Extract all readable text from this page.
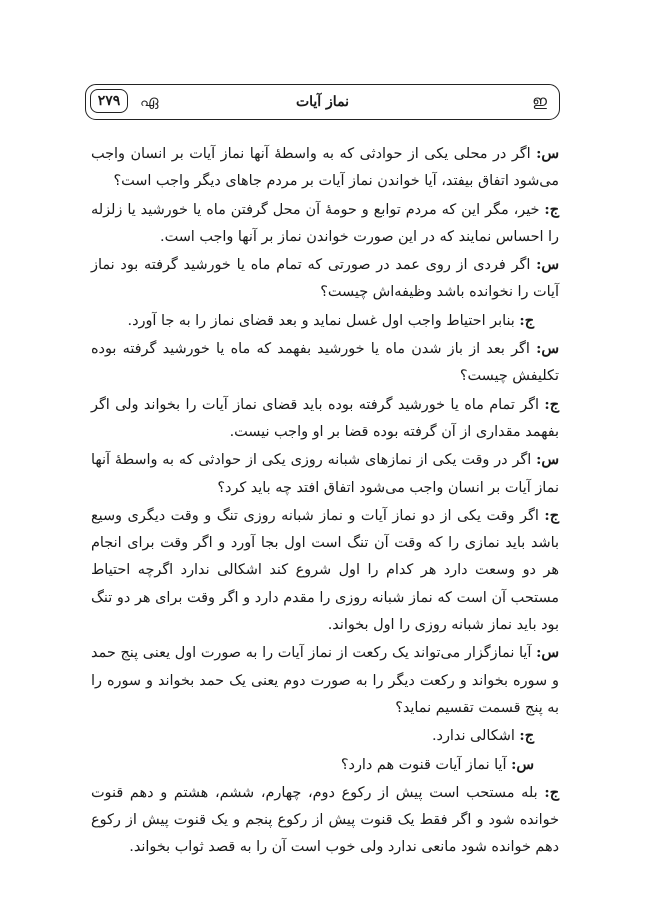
۲۷۹	ഏ	نماز آیات	ഇ

س: اگر در محلی یکی از حوادثی که به واسطهٔ آنها نماز آیات بر انسان واجب می‌شود اتفاق بیفتد، آیا خواندن نماز آیات بر مردم جاهای دیگر واجب است؟

ج: خیر، مگر این که مردم توابع و حومهٔ آن محل گرفتن ماه یا خورشید یا زلزله را احساس نمایند که در این صورت خواندن نماز بر آنها واجب است.

س: اگر فردی از روی عمد در صورتی که تمام ماه یا خورشید گرفته بود نماز آیات را نخوانده باشد وظیفه‌اش چیست؟

ج: بنابر احتیاط واجب اول غسل نماید و بعد قضای نماز را به جا آورد.

س: اگر بعد از باز شدن ماه یا خورشید بفهمد که ماه یا خورشید گرفته بوده تکلیفش چیست؟

ج: اگر تمام ماه یا خورشید گرفته بوده باید قضای نماز آیات را بخواند ولی اگر بفهمد مقداری از آن گرفته بوده قضا بر او واجب نیست.

س: اگر در وقت یکی از نمازهای شبانه روزی یکی از حوادثی که به واسطهٔ آنها نماز آیات بر انسان واجب می‌شود اتفاق افتد چه باید کرد؟

ج: اگر وقت یکی از دو نماز آیات و نماز شبانه روزی تنگ و وقت دیگری وسیع باشد باید نمازی را که وقت آن تنگ است اول بجا آورد و اگر وقت برای انجام هر دو وسعت دارد هر کدام را اول شروع کند اشکالی ندارد اگرچه احتیاط مستحب آن است که نماز شبانه روزی را مقدم دارد و اگر وقت برای هر دو تنگ بود باید نماز شبانه روزی را اول بخواند.

س: آیا نمازگزار می‌تواند یک رکعت از نماز آیات را به صورت اول یعنی پنج حمد و سوره بخواند و رکعت دیگر را به صورت دوم یعنی یک حمد بخواند و سوره را به پنج قسمت تقسیم نماید؟

ج: اشکالی ندارد.

س: آیا نماز آیات قنوت هم دارد؟

ج: بله مستحب است پیش از رکوع دوم، چهارم، ششم، هشتم و دهم قنوت خوانده شود و اگر فقط یک قنوت پیش از رکوع پنجم و یک قنوت پیش از رکوع دهم خوانده شود مانعی ندارد ولی خوب است آن را به قصد ثواب بخواند.
